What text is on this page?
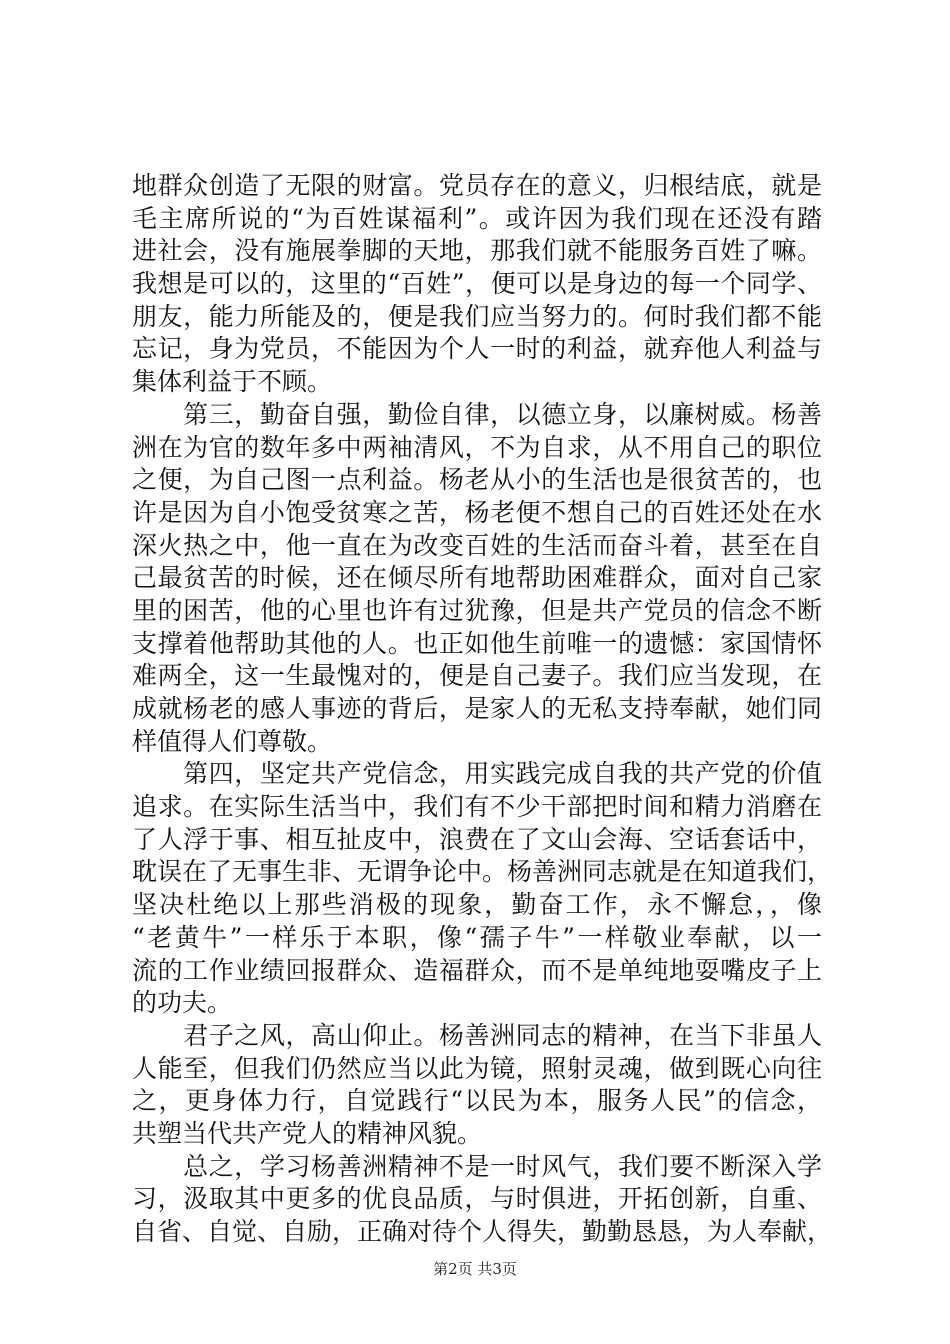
地群众创造了无限的财富。党员存在的意义，归根结底，就是
毛主席所说的“为百姓谋福利”。或许因为我们现在还没有踏
进社会，没有施展拳脚的天地，那我们就不能服务百姓了嘛。
我想是可以的，这里的“百姓”，便可以是身边的每一个同学、
朋友，能力所能及的，便是我们应当努力的。何时我们都不能
忘记，身为党员，不能因为个人一时的利益，就弃他人利益与
集体利益于不顾。
　　第三，勤奋自强，勤俭自律，以德立身，以廉树威。杨善
洲在为官的数年多中两袖清风，不为自求，从不用自己的职位
之便，为自己图一点利益。杨老从小的生活也是很贫苦的，也
许是因为自小饱受贫寒之苦，杨老便不想自己的百姓还处在水
深火热之中，他一直在为改变百姓的生活而奋斗着，甚至在自
己最贫苦的时候，还在倾尽所有地帮助困难群众，面对自己家
里的困苦，他的心里也许有过犹豫，但是共产党员的信念不断
支撑着他帮助其他的人。也正如他生前唯一的遗憾：家国情怀
难两全，这一生最愧对的，便是自己妻子。我们应当发现，在
成就杨老的感人事迹的背后，是家人的无私支持奉献，她们同
样值得人们尊敬。
　　第四，坚定共产党信念，用实践完成自我的共产党的价值
追求。在实际生活当中，我们有不少干部把时间和精力消磨在
了人浮于事、相互扯皮中，浪费在了文山会海、空话套话中，
耽误在了无事生非、无谓争论中。杨善洲同志就是在知道我们，
坚决杜绝以上那些消极的现象，勤奋工作，永不懈怠，，像
“老黄牛”一样乐于本职，像“孺子牛”一样敬业奉献，以一
流的工作业绩回报群众、造福群众，而不是单纯地耍嘴皮子上
的功夫。
　　君子之风，高山仰止。杨善洲同志的精神，在当下非虽人
人能至，但我们仍然应当以此为镜，照射灵魂，做到既心向往
之，更身体力行，自觉践行“以民为本，服务人民”的信念，
共塑当代共产党人的精神风貌。
　　总之，学习杨善洲精神不是一时风气，我们要不断深入学
习，汲取其中更多的优良品质，与时俱进，开拓创新，自重、
自省、自觉、自励，正确对待个人得失，勤勤恳恳，为人奉献，
第2页 共3页
